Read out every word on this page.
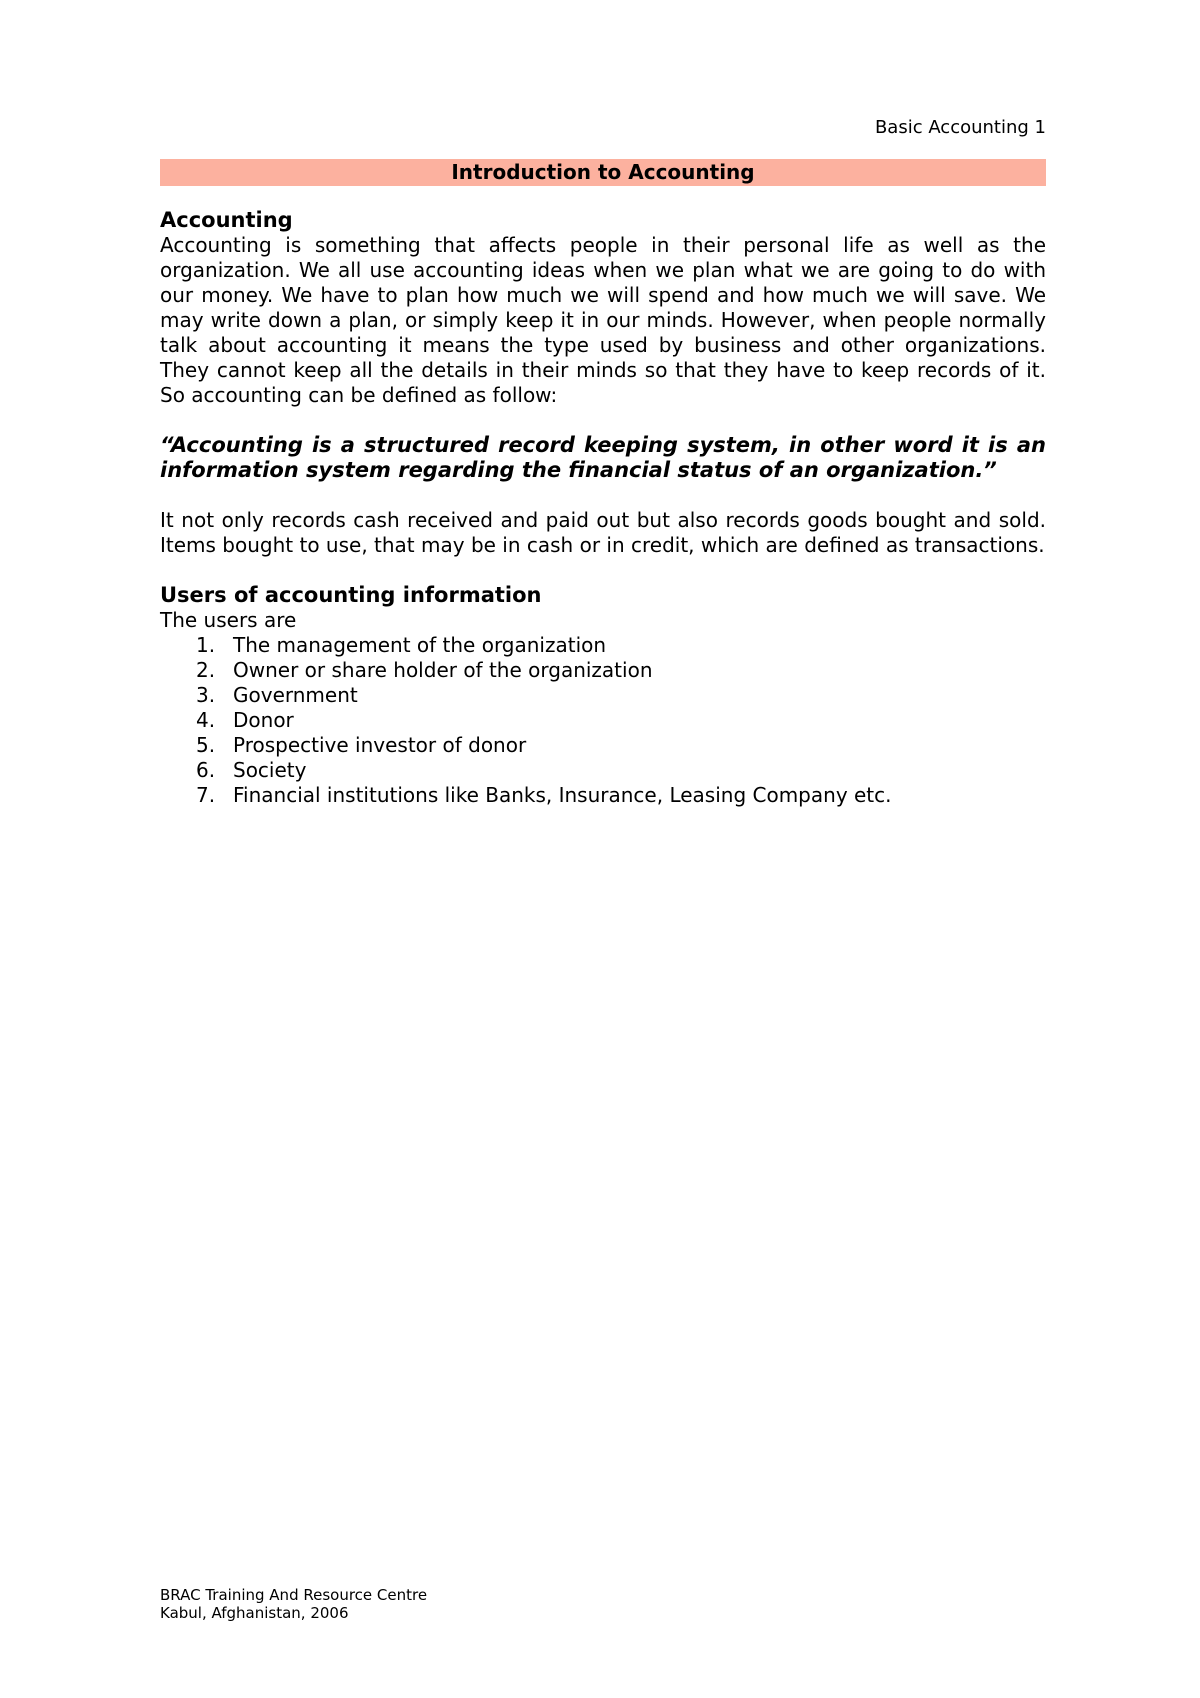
Basic Accounting 1
Introduction to Accounting
Accounting

Accounting is something that affects people in their personal life as well as the organization. We all use accounting ideas when we plan what we are going to do with our money. We have to plan how much we will spend and how much we will save. We may write down a plan, or simply keep it in our minds. However, when people normally talk about accounting it means the type used by business and other organizations. They cannot keep all the details in their minds so that they have to keep records of it. So accounting can be defined as follow:

“Accounting is a structured record keeping system, in other word it is an information system regarding the financial status of an organization.”

It not only records cash received and paid out but also records goods bought and sold. Items bought to use, that may be in cash or in credit, which are defined as transactions.

Users of accounting information

The users are

1. The management of the organization
2. Owner or share holder of the organization
3. Government
4. Donor
5. Prospective investor of donor
6. Society
7. Financial institutions like Banks, Insurance, Leasing Company etc.
BRAC Training And Resource Centre
Kabul, Afghanistan, 2006
